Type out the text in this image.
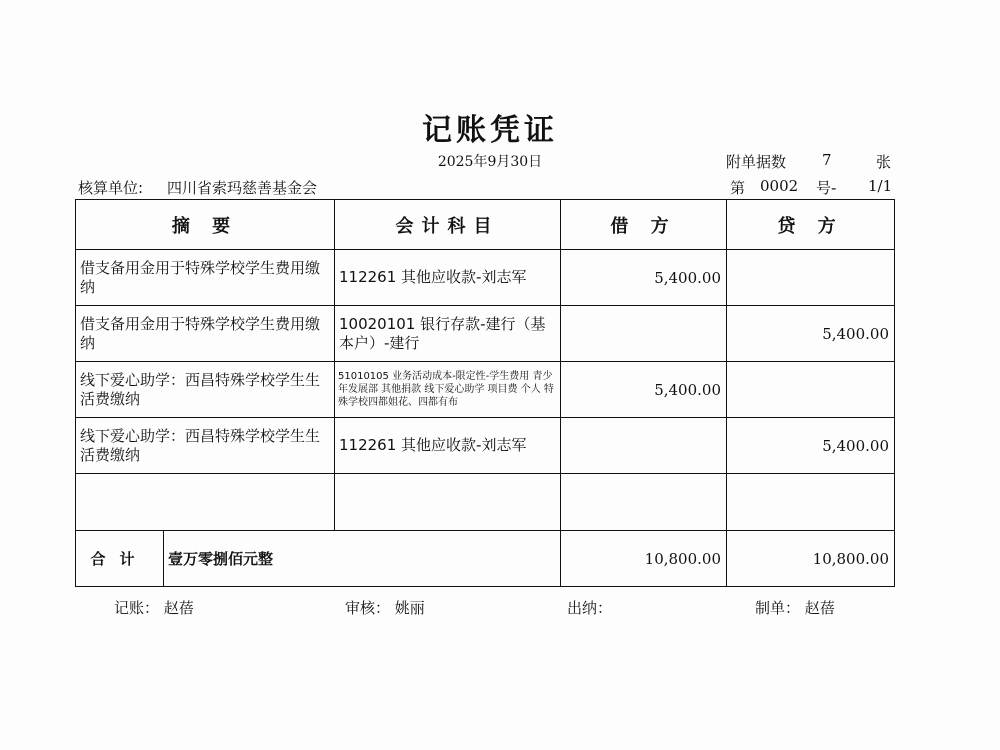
记账凭证
2025年9月30日	附单据数 7	张
核算单位: 四川省索玛慈善基金会	第 0002 号- 1/1
摘 要	会计科目	借 方	贷 方
借支备用金用于特殊学校学生费用缴纳	112261 其他应收款-刘志军	5,400.00	
借支备用金用于特殊学校学生费用缴纳	10020101 银行存款-建行（基本户）-建行		5,400.00
线下爱心助学：西昌特殊学校学生生活费缴纳	51010105 业务活动成本-限定性-学生费用 青少年发展部 其他捐款 线下爱心助学 项目费 个人 特殊学校四都姐花、四都有布	5,400.00	
线下爱心助学：西昌特殊学校学生生活费缴纳	112261 其他应收款-刘志军		5,400.00

合计 壹万零捌佰元整		10,800.00	10,800.00
记账： 赵蓓	审核： 姚丽	出纳：	制单： 赵蓓
